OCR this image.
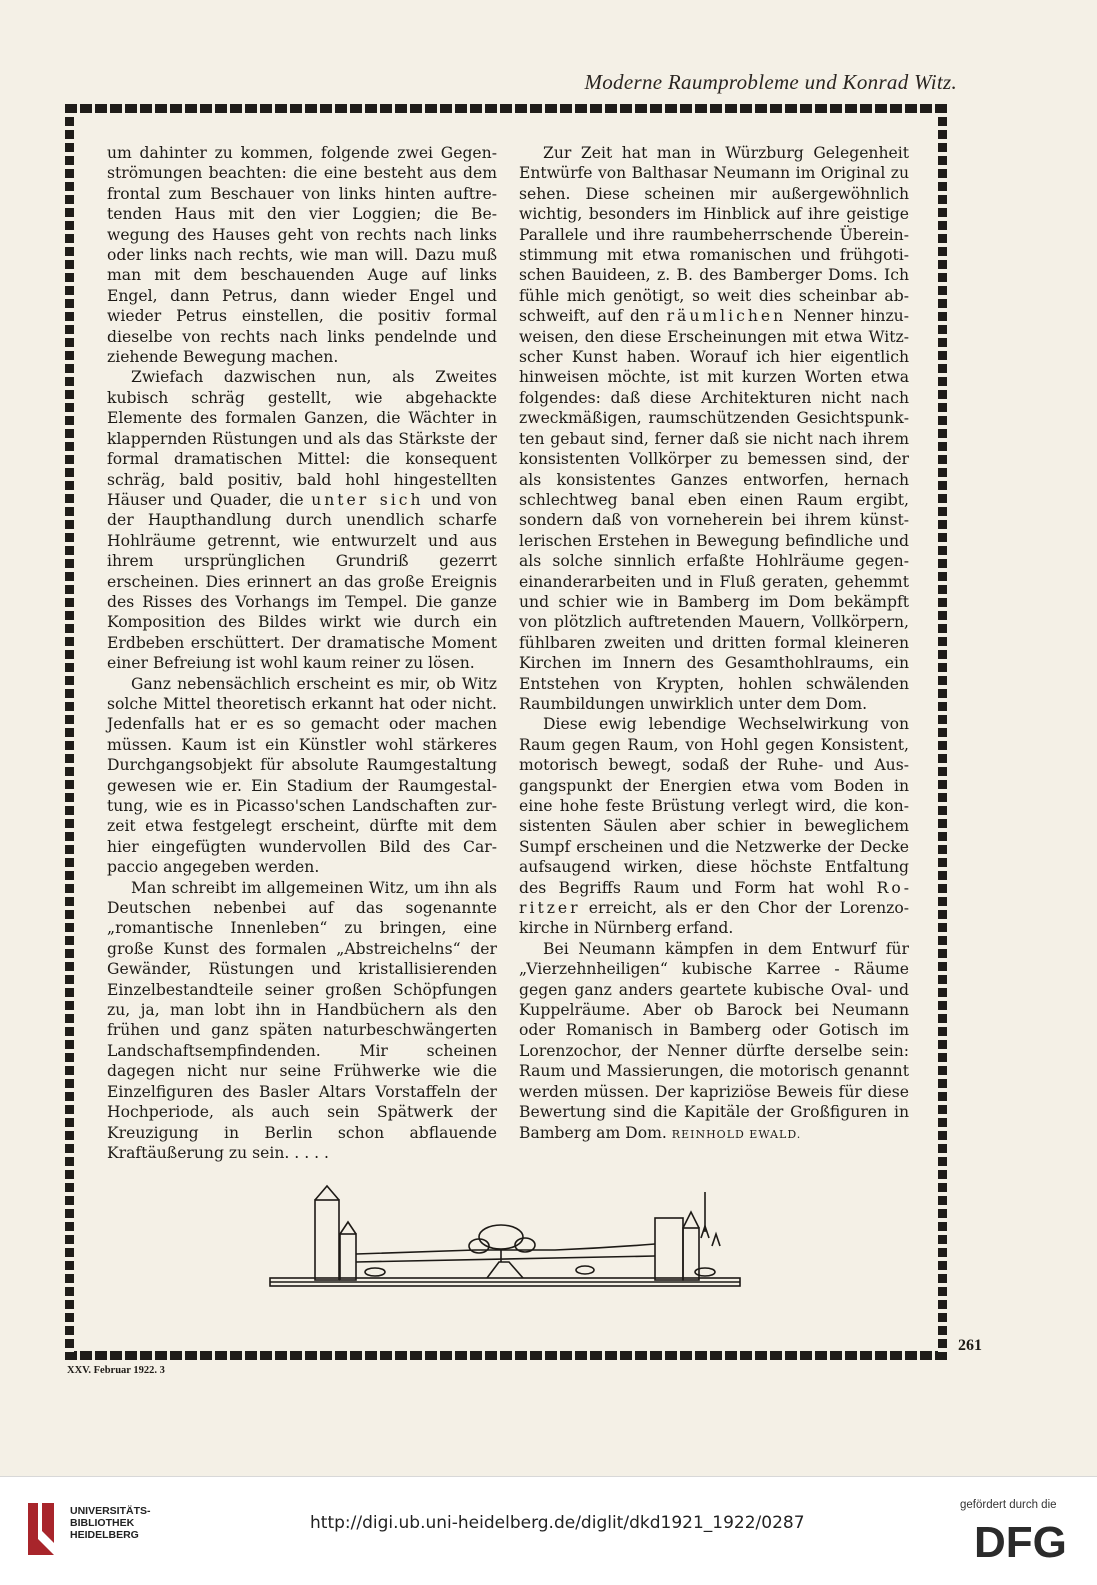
Moderne Raumprobleme und Konrad Witz.

um dahinter zu kommen, folgende zwei Gegenströmungen beachten: die eine besteht aus dem frontal zum Beschauer von links hinten auftretenden Haus mit den vier Loggien; die Bewegung des Hauses geht von rechts nach links oder links nach rechts, wie man will. Dazu muß man mit dem beschauenden Auge auf links Engel, dann Petrus, dann wieder Engel und wieder Petrus einstellen, die positiv formal dieselbe von rechts nach links pendelnde und ziehende Bewegung machen.

Zwiefach dazwischen nun, als Zweites kubisch schräg gestellt, wie abgehackte Elemente des formalen Ganzen, die Wächter in klappernden Rüstungen und als das Stärkste der formal dramatischen Mittel: die konsequent schräg, bald positiv, bald hohl hingestellten Häuser und Quader, die unter sich und von der Haupthandlung durch unendlich scharfe Hohlräume getrennt, wie entwurzelt und aus ihrem ursprünglichen Grundriß gezerrt erscheinen. Dies erinnert an das große Ereignis des Risses des Vorhangs im Tempel. Die ganze Komposition des Bildes wirkt wie durch ein Erdbeben erschüttert. Der dramatische Moment einer Befreiung ist wohl kaum reiner zu lösen.

Ganz nebensächlich erscheint es mir, ob Witz solche Mittel theoretisch erkannt hat oder nicht. Jedenfalls hat er es so gemacht oder machen müssen. Kaum ist ein Künstler wohl stärkeres Durchgangsobjekt für absolute Raumgestaltung gewesen wie er. Ein Stadium der Raumgestaltung, wie es in Picasso'schen Landschaften zurzeit etwa festgelegt erscheint, dürfte mit dem hier eingefügten wundervollen Bild des Carpaccio angegeben werden.

Man schreibt im allgemeinen Witz, um ihn als Deutschen nebenbei auf das sogenannte „romantische Innenleben“ zu bringen, eine große Kunst des formalen „Abstreichelns“ der Gewänder, Rüstungen und kristallisierenden Einzelbestandteile seiner großen Schöpfungen zu, ja, man lobt ihn in Handbüchern als den frühen und ganz späten naturbeschwängerten Landschaftsempfindenden. Mir scheinen dagegen nicht nur seine Frühwerke wie die Einzelfiguren des Basler Altars Vorstaffeln der Hochperiode, als auch sein Spätwerk der Kreuzigung in Berlin schon abflauende Kraftäußerung zu sein. . . . .

Zur Zeit hat man in Würzburg Gelegenheit Entwürfe von Balthasar Neumann im Original zu sehen. Diese scheinen mir außergewöhnlich wichtig, besonders im Hinblick auf ihre geistige Parallele und ihre raumbeherrschende Übereinstimmung mit etwa romanischen und frühgotischen Bauideen, z. B. des Bamberger Doms. Ich fühle mich genötigt, so weit dies scheinbar abschweift, auf den räumlichen Nenner hinzuweisen, den diese Erscheinungen mit etwa Witzscher Kunst haben. Worauf ich hier eigentlich hinweisen möchte, ist mit kurzen Worten etwa folgendes: daß diese Architekturen nicht nach zweckmäßigen, raumschützenden Gesichtspunkten gebaut sind, ferner daß sie nicht nach ihrem konsistenten Vollkörper zu bemessen sind, der als konsistentes Ganzes entworfen, hernach schlechtweg banal eben einen Raum ergibt, sondern daß von vorneherein bei ihrem künstlerischen Erstehen in Bewegung befindliche und als solche sinnlich erfaßte Hohlräume gegeneinanderarbeiten und in Fluß geraten, gehemmt und schier wie in Bamberg im Dom bekämpft von plötzlich auftretenden Mauern, Vollkörpern, fühlbaren zweiten und dritten formal kleineren Kirchen im Innern des Gesamthohlraums, ein Entstehen von Krypten, hohlen schwälenden Raumbildungen unwirklich unter dem Dom.

Diese ewig lebendige Wechselwirkung von Raum gegen Raum, von Hohl gegen Konsistent, motorisch bewegt, sodaß der Ruhe- und Ausgangspunkt der Energien etwa vom Boden in eine hohe feste Brüstung verlegt wird, die konsistenten Säulen aber schier in beweglichem Sumpf erscheinen und die Netzwerke der Decke aufsaugend wirken, diese höchste Entfaltung des Begriffs Raum und Form hat wohl Roritzer erreicht, als er den Chor der Lorenzokirche in Nürnberg erfand.

Bei Neumann kämpfen in dem Entwurf für „Vierzehnheiligen“ kubische Karree - Räume gegen ganz anders geartete kubische Oval- und Kuppelräume. Aber ob Barock bei Neumann oder Romanisch in Bamberg oder Gotisch im Lorenzochor, der Nenner dürfte derselbe sein: Raum und Massierungen, die motorisch genannt werden müssen. Der kapriziöse Beweis für diese Bewertung sind die Kapitäle der Großfiguren in Bamberg am Dom. REINHOLD EWALD.

261
XXV. Februar 1922. 3
UNIVERSITÄTS-
BIBLIOTHEK
HEIDELBERG
http://digi.ub.uni-heidelberg.de/diglit/dkd1921_1922/0287
gefördert durch die
DFG
